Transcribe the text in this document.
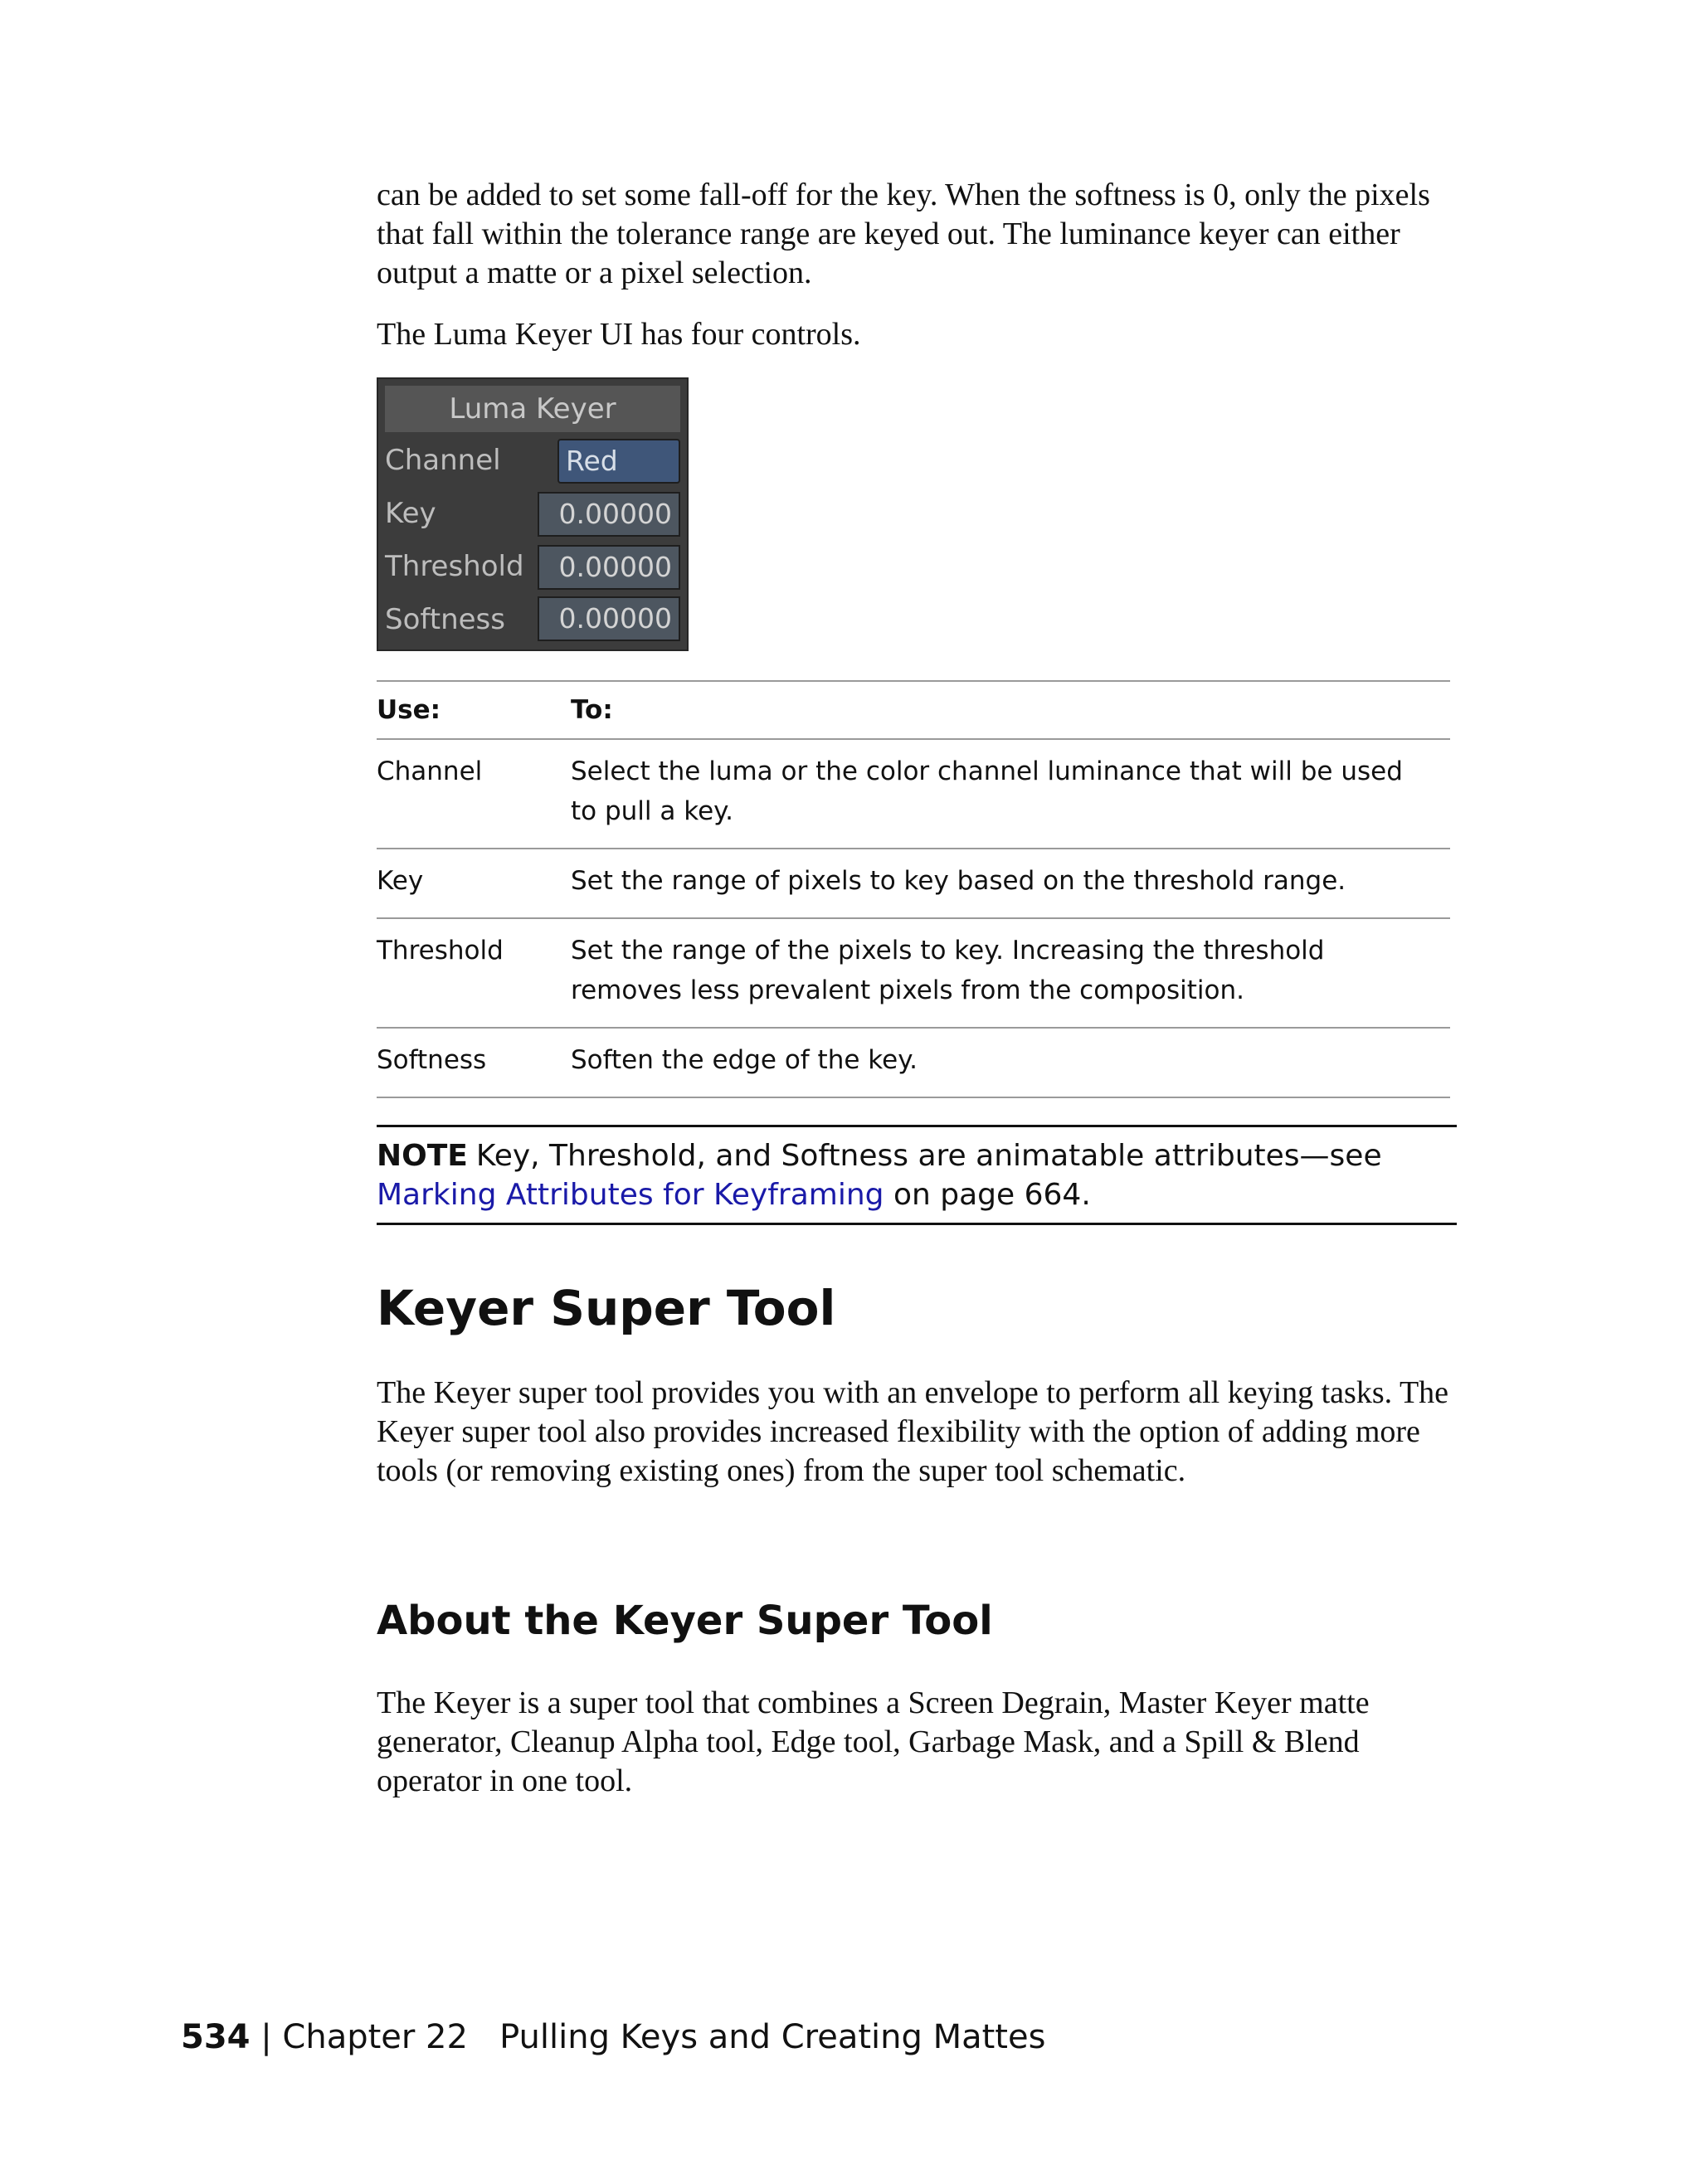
can be added to set some fall-off for the key. When the softness is 0, only the pixels that fall within the tolerance range are keyed out. The luminance keyer can either output a matte or a pixel selection.

The Luma Keyer UI has four controls.

Luma Keyer
Channel	Red
Key	0.00000
Threshold	0.00000
Softness	0.00000
Use:	To:
Channel	Select the luma or the color channel luminance that will be used to pull a key.
Key	Set the range of pixels to key based on the threshold range.
Threshold	Set the range of the pixels to key. Increasing the threshold removes less prevalent pixels from the composition.
Softness	Soften the edge of the key.
NOTE Key, Threshold, and Softness are animatable attributes—see Marking Attributes for Keyframing on page 664.
Keyer Super Tool

The Keyer super tool provides you with an envelope to perform all keying tasks. The Keyer super tool also provides increased flexibility with the option of adding more tools (or removing existing ones) from the super tool schematic.

About the Keyer Super Tool

The Keyer is a super tool that combines a Screen Degrain, Master Keyer matte generator, Cleanup Alpha tool, Edge tool, Garbage Mask, and a Spill & Blend operator in one tool.

534 | Chapter 22 Pulling Keys and Creating Mattes
